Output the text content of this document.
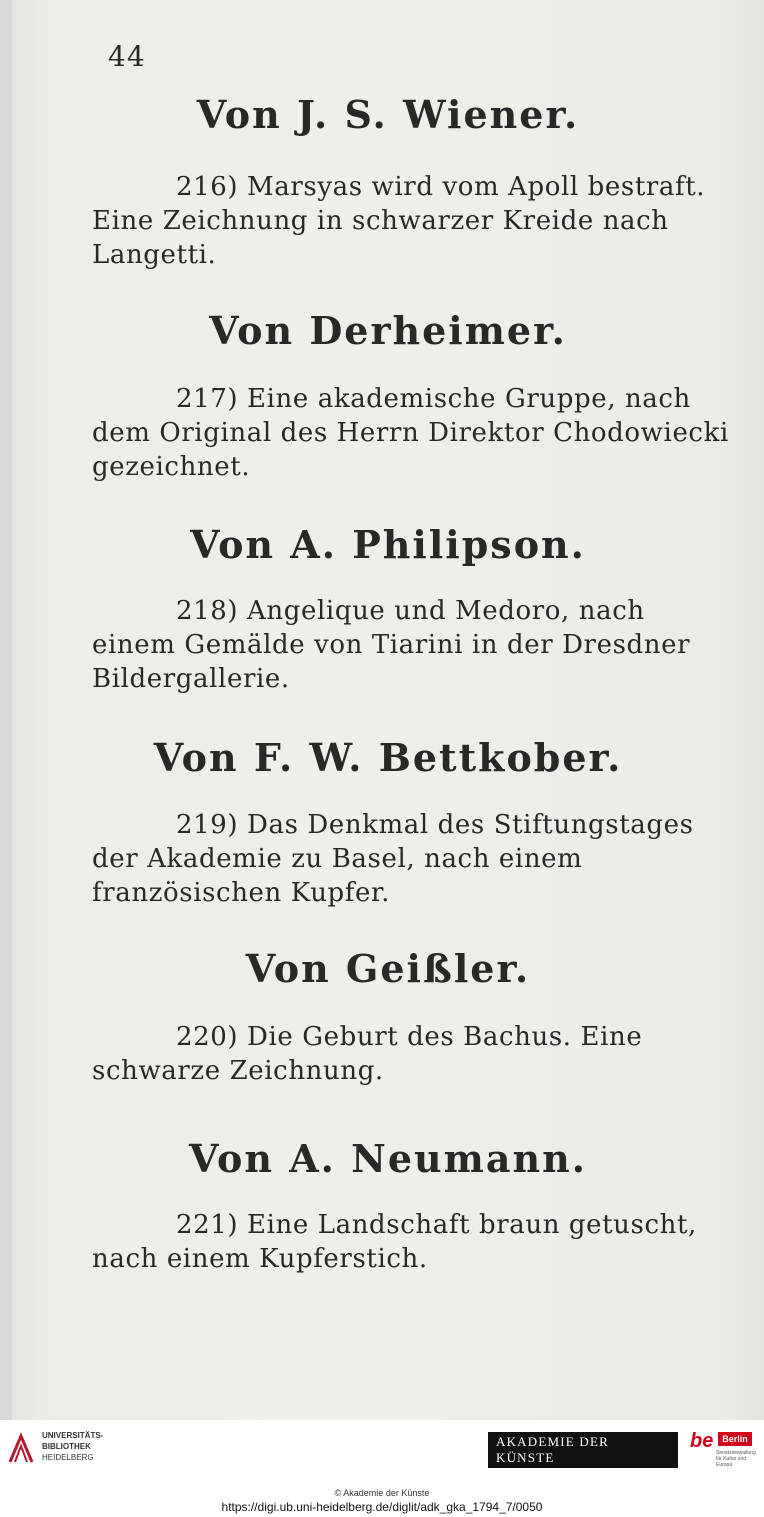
44
Von J. S. Wiener.
216) Marsyas wird vom Apoll bestraft. Eine Zeichnung in schwarzer Kreide nach Langetti.
Von Derheimer.
217) Eine akademische Gruppe, nach dem Original des Herrn Direktor Chodowiecki gezeichnet.
Von A. Philipson.
218) Angelique und Medoro, nach einem Gemälde von Tiarini in der Dresdner Bildergallerie.
Von F. W. Bettkober.
219) Das Denkmal des Stiftungstages der Akademie zu Basel, nach einem französischen Kupfer.
Von Geißler.
220) Die Geburt des Bachus. Eine schwarze Zeichnung.
Von A. Neumann.
221) Eine Landschaft braun getuscht, nach einem Kupferstich.
UNIVERSITÄTS-
BIBLIOTHEK
HEIDELBERG
AKADEMIE DER KÜNSTE
be Berlin
Senatsverwaltung für Kultur und Europa
© Akademie der Künste
https://digi.ub.uni-heidelberg.de/diglit/adk_gka_1794_7/0050
